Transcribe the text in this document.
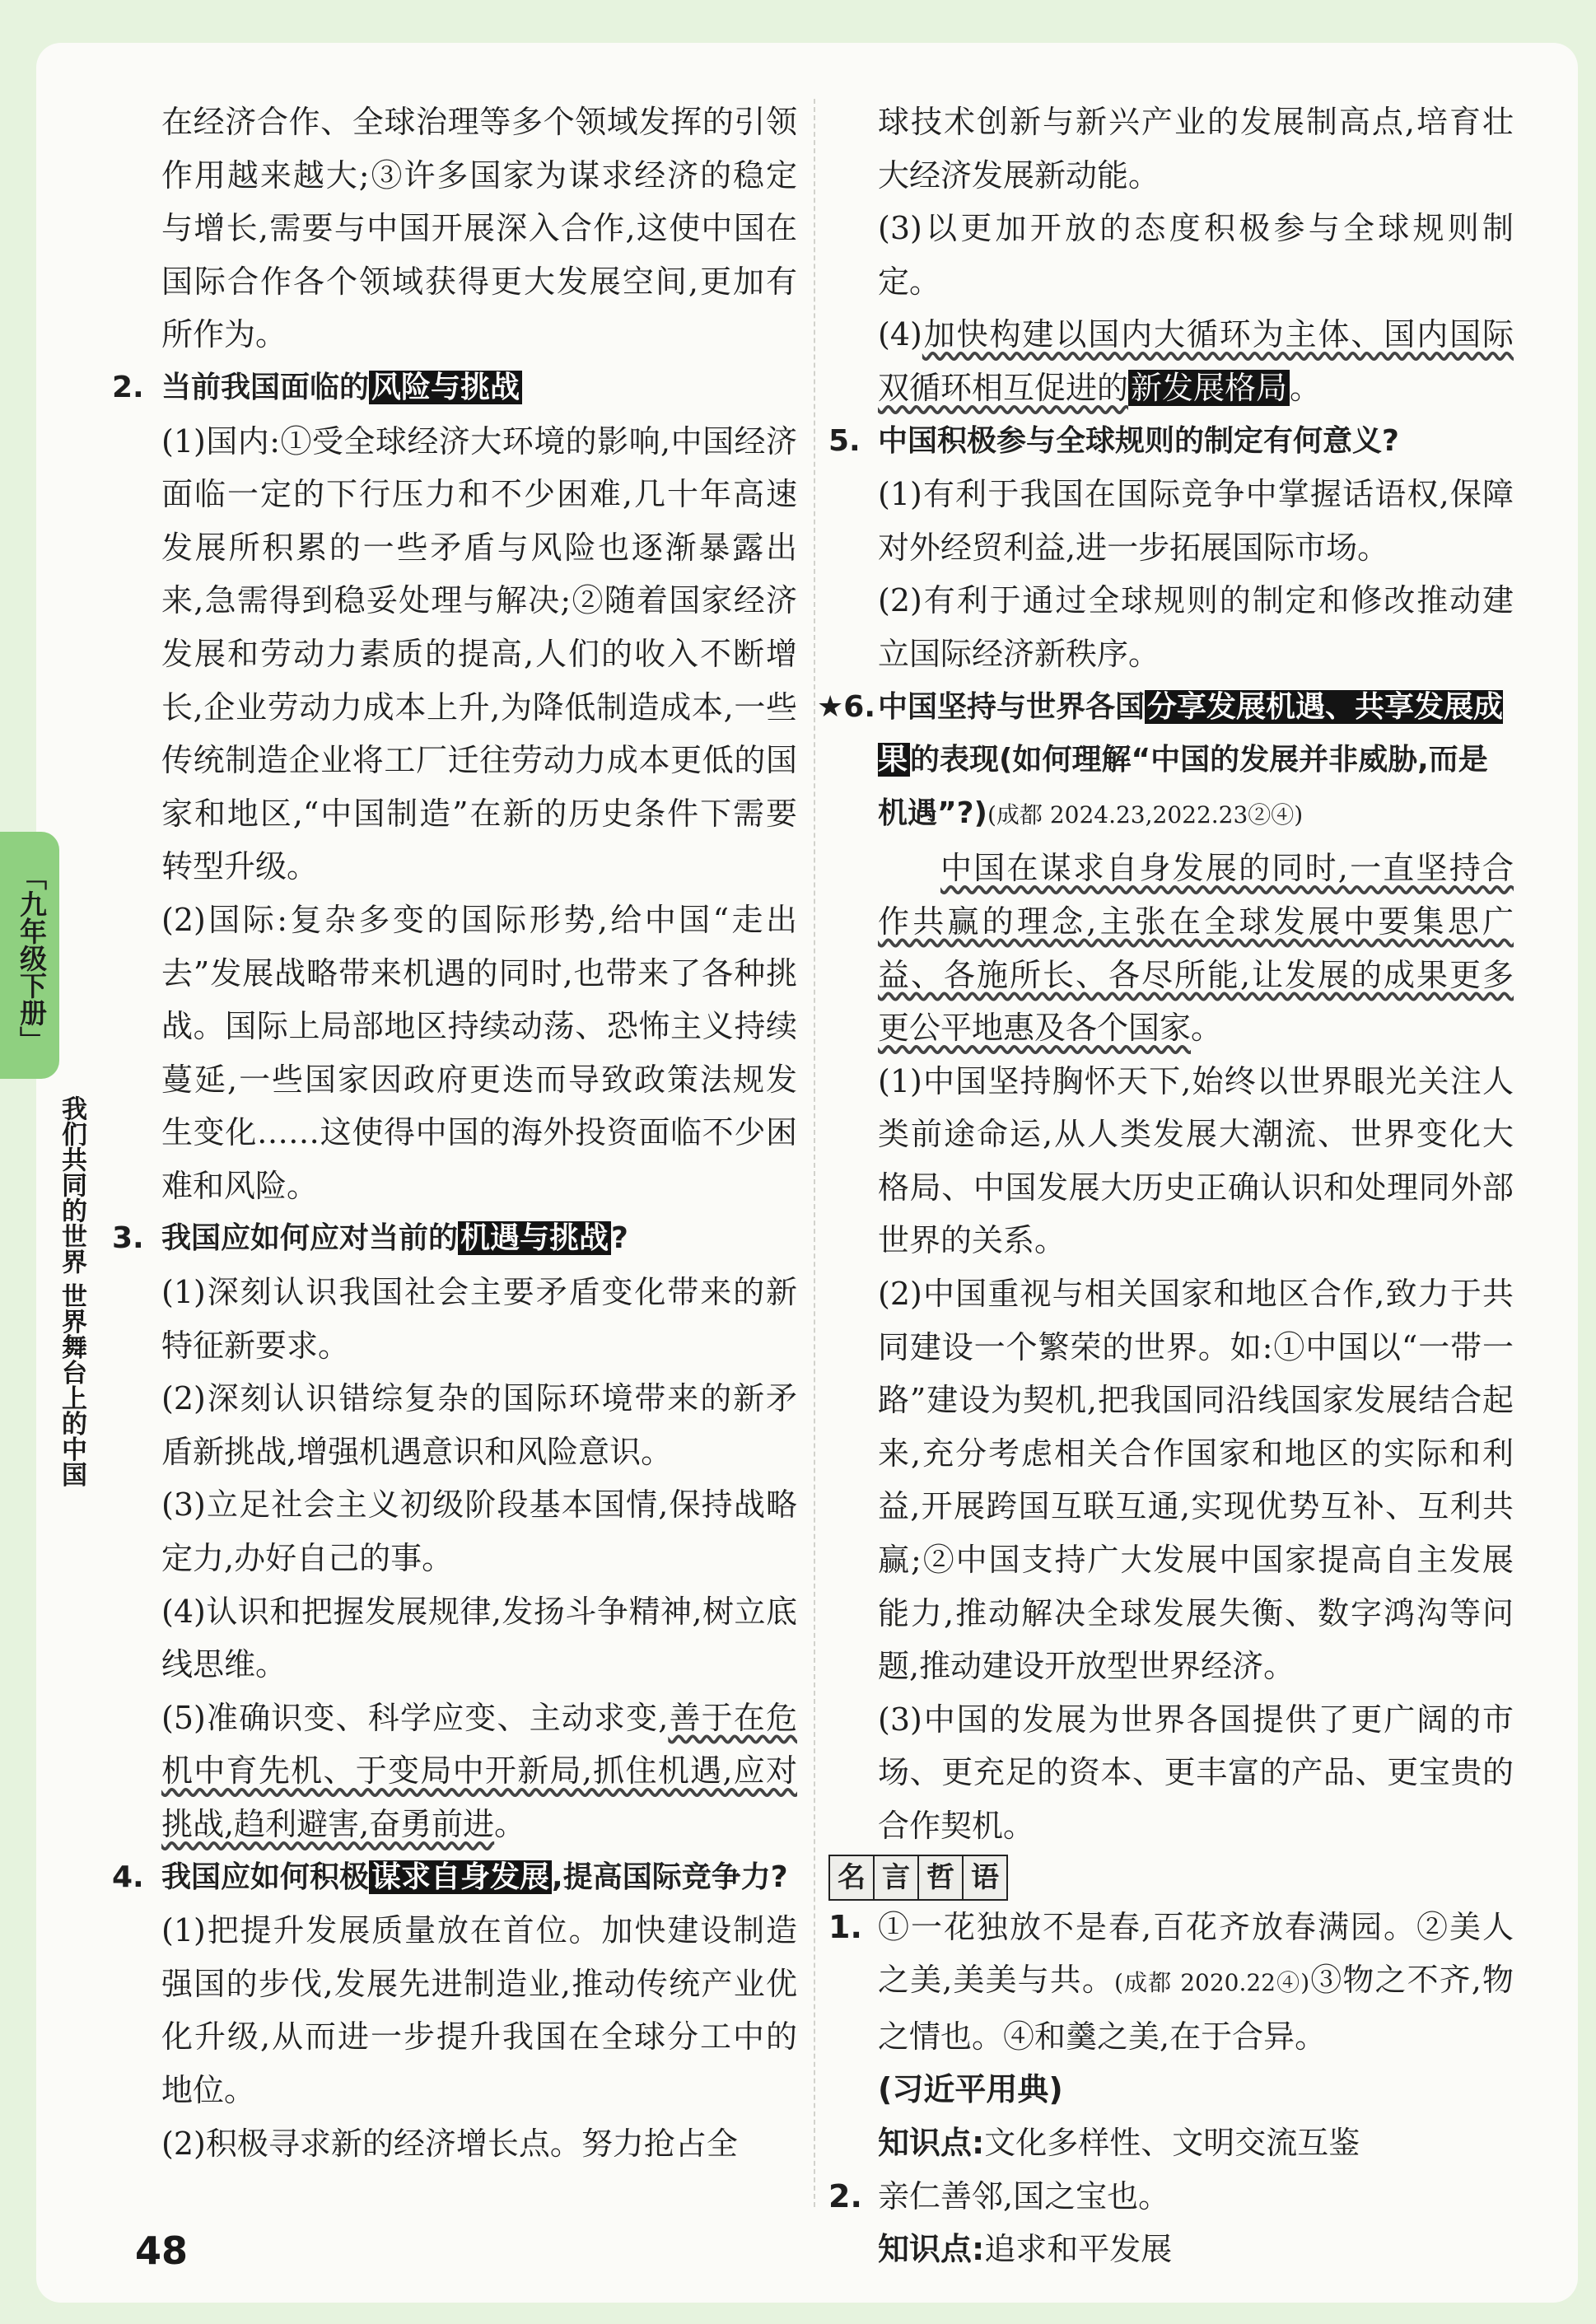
「九年级下册」
我们共同的世界 世界舞台上的中国

在经济合作、全球治理等多个领域发挥的引领作用越来越大;③许多国家为谋求经济的稳定与增长,需要与中国开展深入合作,这使中国在国际合作各个领域获得更大发展空间,更加有所作为。

2. 当前我国面临的风险与挑战

(1)国内:①受全球经济大环境的影响,中国经济面临一定的下行压力和不少困难,几十年高速发展所积累的一些矛盾与风险也逐渐暴露出来,急需得到稳妥处理与解决;②随着国家经济发展和劳动力素质的提高,人们的收入不断增长,企业劳动力成本上升,为降低制造成本,一些传统制造企业将工厂迁往劳动力成本更低的国家和地区,“中国制造”在新的历史条件下需要转型升级。

(2)国际:复杂多变的国际形势,给中国“走出去”发展战略带来机遇的同时,也带来了各种挑战。国际上局部地区持续动荡、恐怖主义持续蔓延,一些国家因政府更迭而导致政策法规发生变化……这使得中国的海外投资面临不少困难和风险。

3. 我国应如何应对当前的机遇与挑战?

(1)深刻认识我国社会主要矛盾变化带来的新特征新要求。

(2)深刻认识错综复杂的国际环境带来的新矛盾新挑战,增强机遇意识和风险意识。

(3)立足社会主义初级阶段基本国情,保持战略定力,办好自己的事。

(4)认识和把握发展规律,发扬斗争精神,树立底线思维。

(5)准确识变、科学应变、主动求变,善于在危机中育先机、于变局中开新局,抓住机遇,应对挑战,趋利避害,奋勇前进。

4. 我国应如何积极谋求自身发展,提高国际竞争力?

(1)把提升发展质量放在首位。加快建设制造强国的步伐,发展先进制造业,推动传统产业优化升级,从而进一步提升我国在全球分工中的地位。

(2)积极寻求新的经济增长点。努力抢占全

球技术创新与新兴产业的发展制高点,培育壮大经济发展新动能。

(3)以更加开放的态度积极参与全球规则制定。

(4)加快构建以国内大循环为主体、国内国际双循环相互促进的新发展格局。

5. 中国积极参与全球规则的制定有何意义?

(1)有利于我国在国际竞争中掌握话语权,保障对外经贸利益,进一步拓展国际市场。

(2)有利于通过全球规则的制定和修改推动建立国际经济新秩序。

★6. 中国坚持与世界各国分享发展机遇、共享发展成果的表现(如何理解“中国的发展并非威胁,而是机遇”?)(成都 2024.23,2022.23②④)

中国在谋求自身发展的同时,一直坚持合作共赢的理念,主张在全球发展中要集思广益、各施所长、各尽所能,让发展的成果更多更公平地惠及各个国家。

(1)中国坚持胸怀天下,始终以世界眼光关注人类前途命运,从人类发展大潮流、世界变化大格局、中国发展大历史正确认识和处理同外部世界的关系。

(2)中国重视与相关国家和地区合作,致力于共同建设一个繁荣的世界。如:①中国以“一带一路”建设为契机,把我国同沿线国家发展结合起来,充分考虑相关合作国家和地区的实际和利益,开展跨国互联互通,实现优势互补、互利共赢;②中国支持广大发展中国家提高自主发展能力,推动解决全球发展失衡、数字鸿沟等问题,推动建设开放型世界经济。

(3)中国的发展为世界各国提供了更广阔的市场、更充足的资本、更丰富的产品、更宝贵的合作契机。

名 言 哲 语

1. ①一花独放不是春,百花齐放春满园。②美人之美,美美与共。(成都 2020.22④)③物之不齐,物之情也。④和羹之美,在于合异。

(习近平用典)

知识点:文化多样性、文明交流互鉴

2. 亲仁善邻,国之宝也。

知识点:追求和平发展

48
